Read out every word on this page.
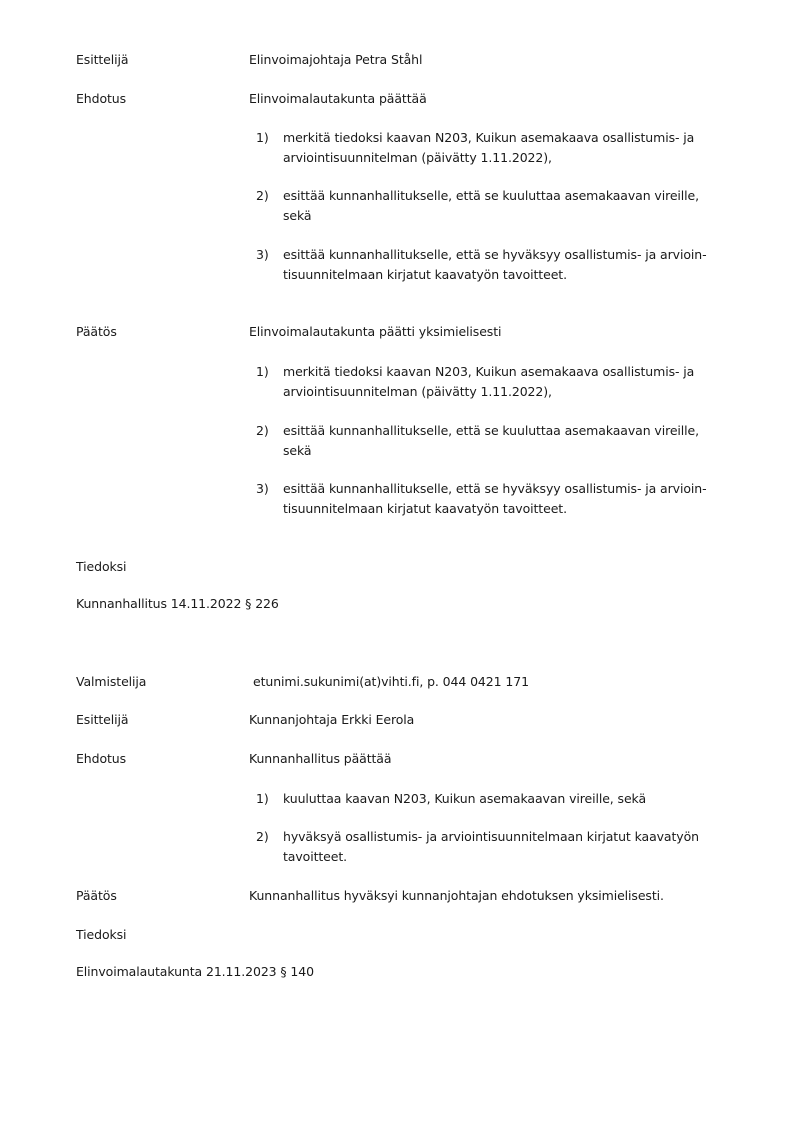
Esittelijä	Elinvoimajohtaja Petra Ståhl
Ehdotus	Elinvoimalautakunta päättää
1)	merkitä tiedoksi kaavan N203, Kuikun asemakaava osallistumis- ja
arviointisuunnitelman (päivätty 1.11.2022),
2)	esittää kunnanhallitukselle, että se kuuluttaa asemakaavan vireille,
sekä
3)	esittää kunnanhallitukselle, että se hyväksyy osallistumis- ja arvioin-
tisuunnitelmaan kirjatut kaavatyön tavoitteet.
Päätös	Elinvoimalautakunta päätti yksimielisesti
1)	merkitä tiedoksi kaavan N203, Kuikun asemakaava osallistumis- ja
arviointisuunnitelman (päivätty 1.11.2022),
2)	esittää kunnanhallitukselle, että se kuuluttaa asemakaavan vireille,
sekä
3)	esittää kunnanhallitukselle, että se hyväksyy osallistumis- ja arvioin-
tisuunnitelmaan kirjatut kaavatyön tavoitteet.
Tiedoksi
Kunnanhallitus 14.11.2022 § 226
Valmistelija	etunimi.sukunimi(at)vihti.fi, p. 044 0421 171
Esittelijä	Kunnanjohtaja Erkki Eerola
Ehdotus	Kunnanhallitus päättää
1)	kuuluttaa kaavan N203, Kuikun asemakaavan vireille, sekä
2)	hyväksyä osallistumis- ja arviointisuunnitelmaan kirjatut kaavatyön
tavoitteet.
Päätös	Kunnanhallitus hyväksyi kunnanjohtajan ehdotuksen yksimielisesti.
Tiedoksi
Elinvoimalautakunta 21.11.2023 § 140
